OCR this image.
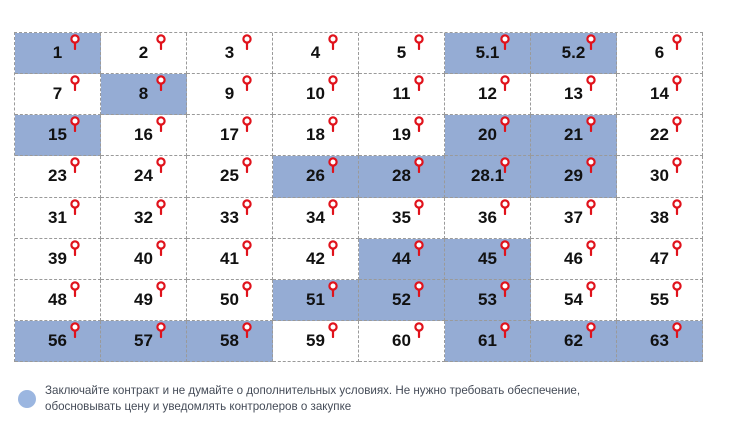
1	2	3	4	5	5.1	5.2	6
7	8	9	10	11	12	13	14
15	16	17	18	19	20	21	22
23	24	25	26	28	28.1	29	30
31	32	33	34	35	36	37	38
39	40	41	42	44	45	46	47
48	49	50	51	52	53	54	55
56	57	58	59	60	61	62	63
Заключайте контракт и не думайте о дополнительных условиях. Не нужно требовать обеспечение,
обосновывать цену и уведомлять контролеров о закупке
